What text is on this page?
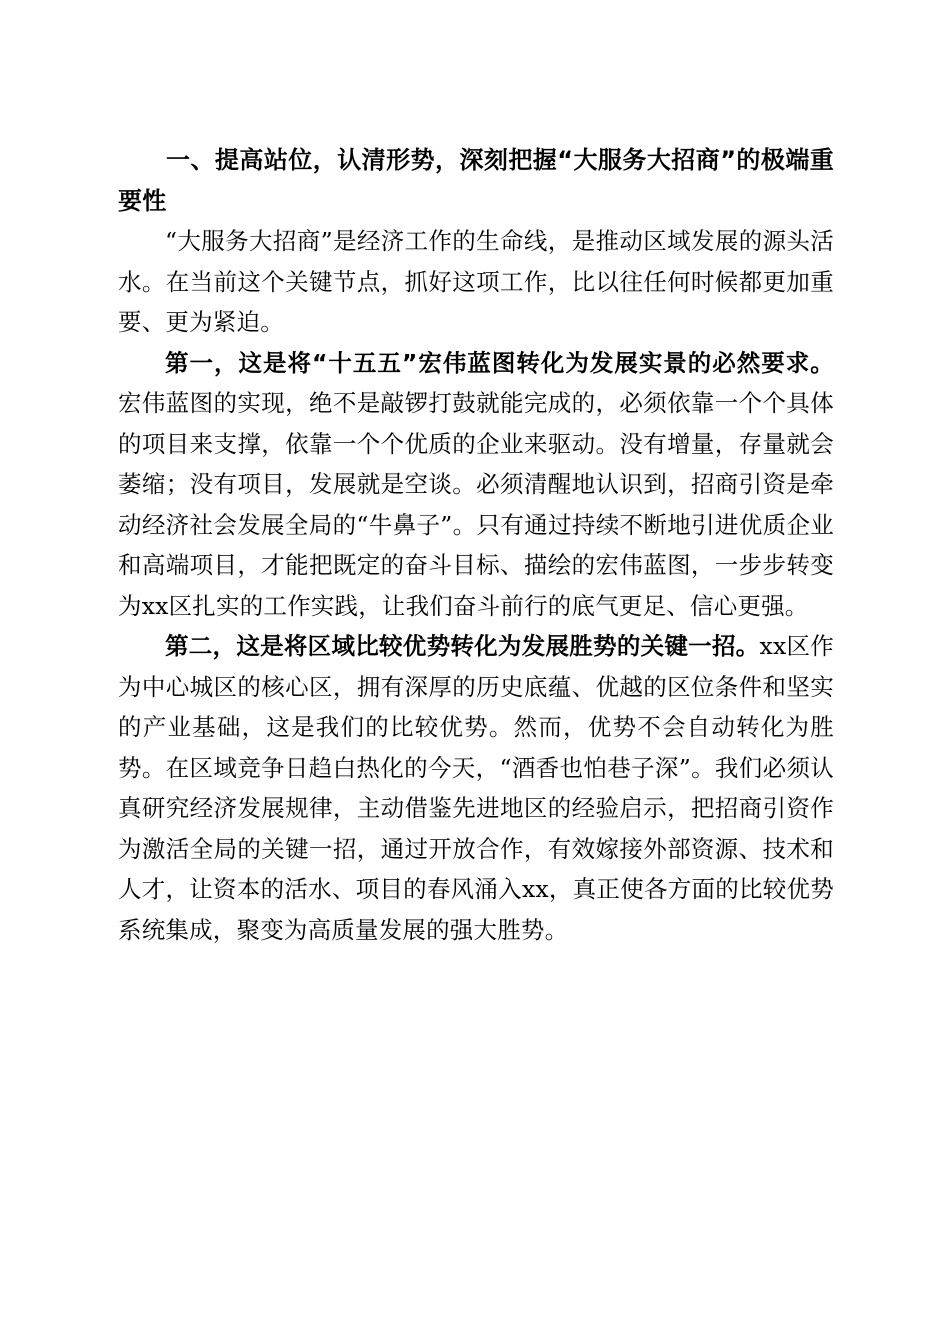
一、提高站位，认清形势，深刻把握“大服务大招商”的极端重要性

“大服务大招商”是经济工作的生命线，是推动区域发展的源头活水。在当前这个关键节点，抓好这项工作，比以往任何时候都更加重要、更为紧迫。

第一，这是将“十五五”宏伟蓝图转化为发展实景的必然要求。宏伟蓝图的实现，绝不是敲锣打鼓就能完成的，必须依靠一个个具体的项目来支撑，依靠一个个优质的企业来驱动。没有增量，存量就会萎缩；没有项目，发展就是空谈。必须清醒地认识到，招商引资是牵动经济社会发展全局的“牛鼻子”。只有通过持续不断地引进优质企业和高端项目，才能把既定的奋斗目标、描绘的宏伟蓝图，一步步转变为xx区扎实的工作实践，让我们奋斗前行的底气更足、信心更强。

第二，这是将区域比较优势转化为发展胜势的关键一招。xx区作为中心城区的核心区，拥有深厚的历史底蕴、优越的区位条件和坚实的产业基础，这是我们的比较优势。然而，优势不会自动转化为胜势。在区域竞争日趋白热化的今天，“酒香也怕巷子深”。我们必须认真研究经济发展规律，主动借鉴先进地区的经验启示，把招商引资作为激活全局的关键一招，通过开放合作，有效嫁接外部资源、技术和人才，让资本的活水、项目的春风涌入xx，真正使各方面的比较优势系统集成，聚变为高质量发展的强大胜势。
